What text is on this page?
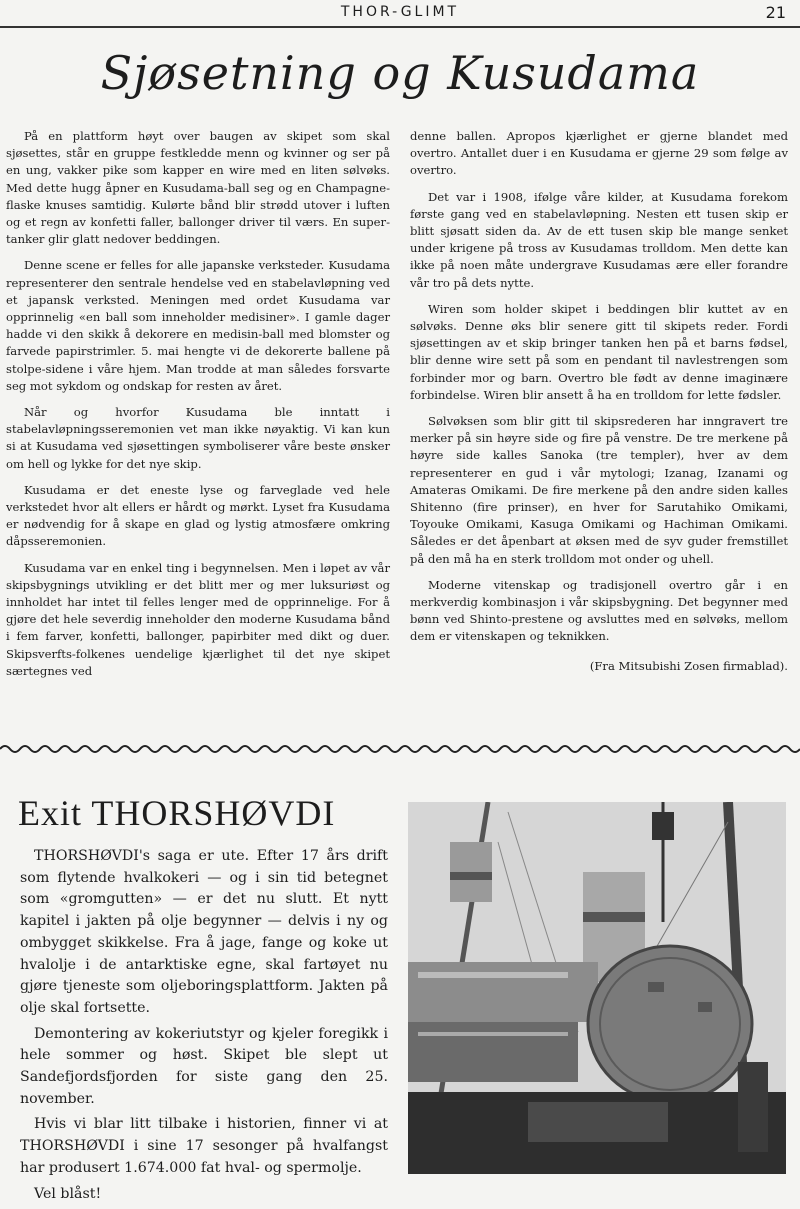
THOR-GLIMT	21
Sjøsetning og Kusudama

På en plattform høyt over baugen av skipet som skal sjøsettes, står en gruppe festkledde menn og kvinner og ser på en ung, vakker pike som kapper en wire med en liten sølvøks. Med dette hugg åpner en Kusudama-ball seg og en Champagne-flaske knuses samtidig. Kulørte bånd blir strødd utover i luften og et regn av konfetti faller, ballonger driver til værs. En super-tanker glir glatt nedover beddingen.

Denne scene er felles for alle japanske verksteder. Kusudama representerer den sentrale hendelse ved en stabelavløpning ved et japansk verksted. Meningen med ordet Kusudama var opprinnelig «en ball som inneholder medisiner». I gamle dager hadde vi den skikk å dekorere en medisin-ball med blomster og farvede papirstrimler. 5. mai hengte vi de dekorerte ballene på stolpe-sidene i våre hjem. Man trodde at man således forsvarte seg mot sykdom og ondskap for resten av året.

Når og hvorfor Kusudama ble inntatt i stabelavløpningsseremonien vet man ikke nøyaktig. Vi kan kun si at Kusudama ved sjøsettingen symboliserer våre beste ønsker om hell og lykke for det nye skip.

Kusudama er det eneste lyse og farveglade ved hele verkstedet hvor alt ellers er hårdt og mørkt. Lyset fra Kusudama er nødvendig for å skape en glad og lystig atmosfære omkring dåpsseremonien.

Kusudama var en enkel ting i begynnelsen. Men i løpet av vår skipsbygnings utvikling er det blitt mer og mer luksuriøst og innholdet har intet til felles lenger med de opprinnelige. For å gjøre det hele severdig inneholder den moderne Kusudama bånd i fem farver, konfetti, ballonger, papirbiter med dikt og duer. Skipsverfts-folkenes uendelige kjærlighet til det nye skipet særtegnes ved

denne ballen. Apropos kjærlighet er gjerne blandet med overtro. Antallet duer i en Kusudama er gjerne 29 som følge av overtro.

Det var i 1908, ifølge våre kilder, at Kusudama forekom første gang ved en stabelavløpning. Nesten ett tusen skip er blitt sjøsatt siden da. Av de ett tusen skip ble mange senket under krigene på tross av Kusudamas trolldom. Men dette kan ikke på noen måte undergrave Kusudamas ære eller forandre vår tro på dets nytte.

Wiren som holder skipet i beddingen blir kuttet av en sølvøks. Denne øks blir senere gitt til skipets reder. Fordi sjøsettingen av et skip bringer tanken hen på et barns fødsel, blir denne wire sett på som en pendant til navlestrengen som forbinder mor og barn. Overtro ble født av denne imaginære forbindelse. Wiren blir ansett å ha en trolldom for lette fødsler.

Sølvøksen som blir gitt til skipsrederen har inngravert tre merker på sin høyre side og fire på venstre. De tre merkene på høyre side kalles Sanoka (tre templer), hver av dem representerer en gud i vår mytologi; Izanag, Izanami og Amateras Omikami. De fire merkene på den andre siden kalles Shitenno (fire prinser), en hver for Sarutahiko Omikami, Toyouke Omikami, Kasuga Omikami og Hachiman Omikami. Således er det åpenbart at øksen med de syv guder fremstillet på den må ha en sterk trolldom mot onder og uhell.

Moderne vitenskap og tradisjonell overtro går i en merkverdig kombinasjon i vår skipsbygning. Det begynner med bønn ved Shinto-prestene og avsluttes med en sølvøks, mellom dem er vitenskapen og teknikken.

(Fra Mitsubishi Zosen firmablad).
Exit THORSHØVDI

THORSHØVDI's saga er ute. Efter 17 års drift som flytende hvalkokeri — og i sin tid betegnet som «gromgutten» — er det nu slutt. Et nytt kapitel i jakten på olje begynner — delvis i ny og ombygget skikkelse. Fra å jage, fange og koke ut hvalolje i de antarktiske egne, skal fartøyet nu gjøre tjeneste som oljeboringsplattform. Jakten på olje skal fortsette.

Demontering av kokeriutstyr og kjeler foregikk i hele sommer og høst. Skipet ble slept ut Sandefjordsfjorden for siste gang den 25. november.

Hvis vi blar litt tilbake i historien, finner vi at THORSHØVDI i sine 17 sesonger på hvalfangst har produsert 1.674.000 fat hval- og spermolje.

Vel blåst!
